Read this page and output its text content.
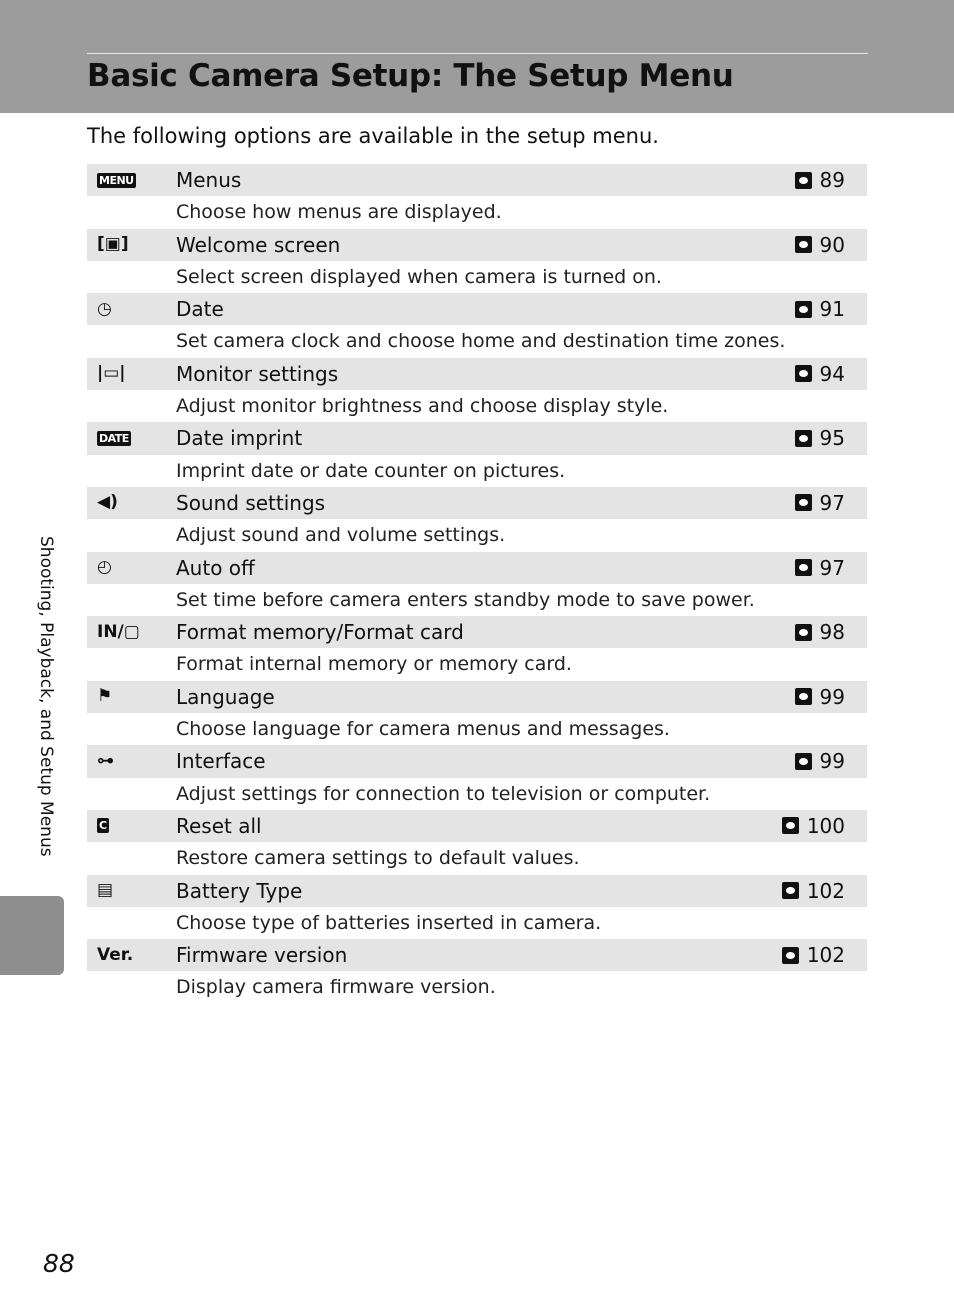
Basic Camera Setup: The Setup Menu
The following options are available in the setup menu.
MENU Menus	89
Choose how menus are displayed.
[▣] Welcome screen	90
Select screen displayed when camera is turned on.
◷	Date	91
Set camera clock and choose home and destination time zones.
|▭|	Monitor settings	94
Adjust monitor brightness and choose display style.
DATE Date imprint	95
Imprint date or date counter on pictures.
◀)	Sound settings	97
Adjust sound and volume settings.
◴	Auto off	97
Set time before camera enters standby mode to save power.
IN/▢ Format memory/Format card	98
Format internal memory or memory card.
⚑	Language	99
Choose language for camera menus and messages.
⊶	Interface	99
Adjust settings for connection to television or computer.
C	Reset all	100
Restore camera settings to default values.
▤	Battery Type	102
Choose type of batteries inserted in camera.
Ver. Firmware version	102
Display camera firmware version.
Shooting, Playback, and Setup Menus
88
